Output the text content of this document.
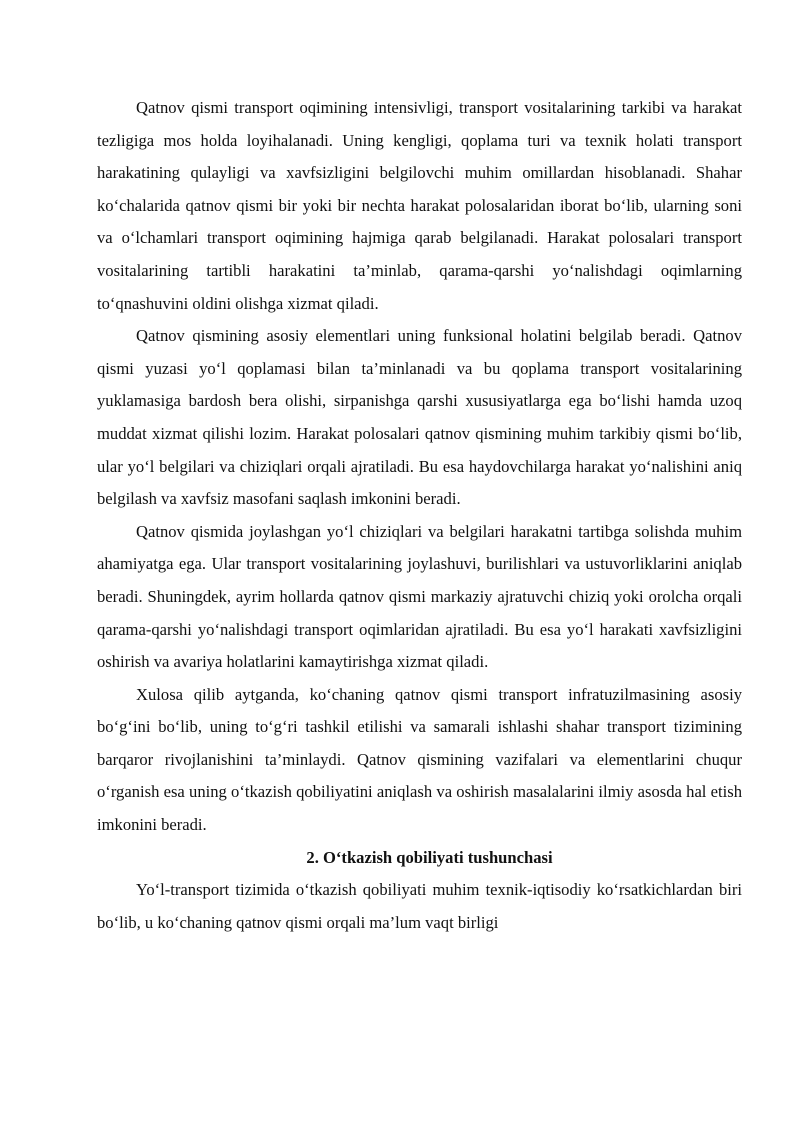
Qatnov qismi transport oqimining intensivligi, transport vositalarining tarkibi va harakat tezligiga mos holda loyihalanadi. Uning kengligi, qoplama turi va texnik holati transport harakatining qulayligi va xavfsizligini belgilovchi muhim omillardan hisoblanadi. Shahar ko‘chalarida qatnov qismi bir yoki bir nechta harakat polosalaridan iborat bo‘lib, ularning soni va o‘lchamlari transport oqimining hajmiga qarab belgilanadi. Harakat polosalari transport vositalarining tartibli harakatini ta’minlab, qarama-qarshi yo‘nalishdagi oqimlarning to‘qnashuvini oldini olishga xizmat qiladi.

Qatnov qismining asosiy elementlari uning funksional holatini belgilab beradi. Qatnov qismi yuzasi yo‘l qoplamasi bilan ta’minlanadi va bu qoplama transport vositalarining yuklamasiga bardosh bera olishi, sirpanishga qarshi xususiyatlarga ega bo‘lishi hamda uzoq muddat xizmat qilishi lozim. Harakat polosalari qatnov qismining muhim tarkibiy qismi bo‘lib, ular yo‘l belgilari va chiziqlari orqali ajratiladi. Bu esa haydovchilarga harakat yo‘nalishini aniq belgilash va xavfsiz masofani saqlash imkonini beradi.

Qatnov qismida joylashgan yo‘l chiziqlari va belgilari harakatni tartibga solishda muhim ahamiyatga ega. Ular transport vositalarining joylashuvi, burilishlari va ustuvorliklarini aniqlab beradi. Shuningdek, ayrim hollarda qatnov qismi markaziy ajratuvchi chiziq yoki orolcha orqali qarama-qarshi yo‘nalishdagi transport oqimlaridan ajratiladi. Bu esa yo‘l harakati xavfsizligini oshirish va avariya holatlarini kamaytirishga xizmat qiladi.

Xulosa qilib aytganda, ko‘chaning qatnov qismi transport infratuzilmasining asosiy bo‘g‘ini bo‘lib, uning to‘g‘ri tashkil etilishi va samarali ishlashi shahar transport tizimining barqaror rivojlanishini ta’minlaydi. Qatnov qismining vazifalari va elementlarini chuqur o‘rganish esa uning o‘tkazish qobiliyatini aniqlash va oshirish masalalarini ilmiy asosda hal etish imkonini beradi.

2. O‘tkazish qobiliyati tushunchasi

Yo‘l-transport tizimida o‘tkazish qobiliyati muhim texnik-iqtisodiy ko‘rsatkichlardan biri bo‘lib, u ko‘chaning qatnov qismi orqali ma’lum vaqt birligi
